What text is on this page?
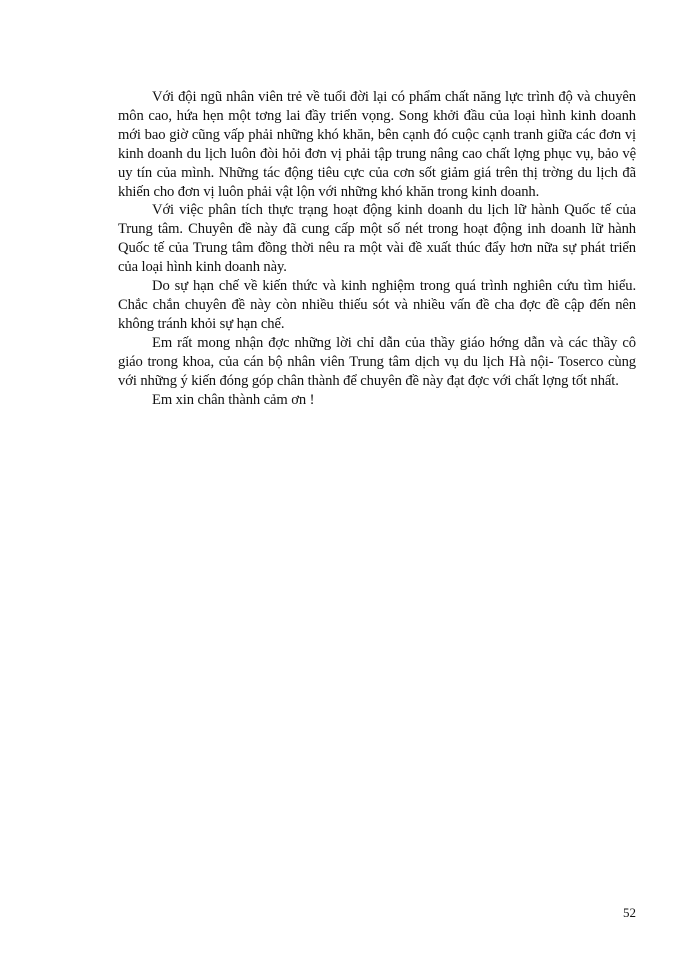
Với đội ngũ nhân viên trẻ về tuổi đời lại có phẩm chất năng lực trình độ và chuyên môn cao, hứa hẹn một tơng lai đầy triển vọng. Song khởi đầu của loại hình kinh doanh mới bao giờ cũng vấp phải những khó khăn, bên cạnh đó cuộc cạnh tranh giữa các đơn vị kinh doanh du lịch luôn đòi hỏi đơn vị phải tập trung nâng cao chất lợng phục vụ, bảo vệ uy tín của mình. Những tác động tiêu cực của cơn sốt giảm giá trên thị trờng du lịch đã khiến cho đơn vị luôn phải vật lộn với những khó khăn trong kinh doanh.

Với việc phân tích thực trạng hoạt động kinh doanh du lịch lữ hành Quốc tế của Trung tâm. Chuyên đề này đã cung cấp một số nét trong hoạt động inh doanh lữ hành Quốc tế của Trung tâm đồng thời nêu ra một vài đề xuất thúc đẩy hơn nữa sự phát triển của loại hình kinh doanh này.

Do sự hạn chế về kiến thức và kinh nghiệm trong quá trình nghiên cứu tìm hiểu. Chắc chắn chuyên đề này còn nhiều thiếu sót và nhiều vấn đề cha đợc đề cập đến nên không tránh khỏi sự hạn chế.

Em rất mong nhận đợc những lời chỉ dẫn của thầy giáo hớng dẫn và các thầy cô giáo trong khoa, của cán bộ nhân viên Trung tâm dịch vụ du lịch Hà nội- Toserco cùng với những ý kiến đóng góp chân thành để chuyên đề này đạt đợc với chất lợng tốt nhất.

Em xin chân thành cảm ơn !

52
